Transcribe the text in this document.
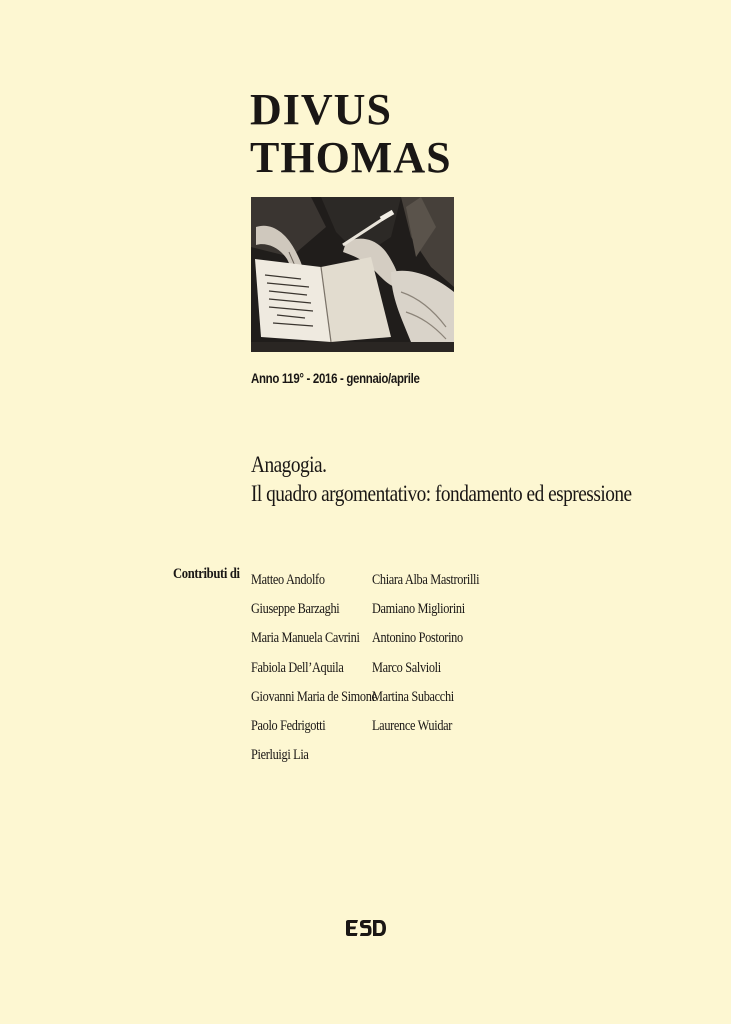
DIVUS
THOMAS
Anno 119° - 2016 - gennaio/aprile
Anagogia.
Il quadro argomentativo: fondamento ed espressione
Contributi di Matteo Andolfo
Giuseppe Barzaghi
Maria Manuela Cavrini
Fabiola Dell’Aquila
Giovanni Maria de Simone
Paolo Fedrigotti
Pierluigi Lia
Chiara Alba Mastrorilli
Damiano Migliorini
Antonino Postorino
Marco Salvioli
Martina Subacchi
Laurence Wuidar
